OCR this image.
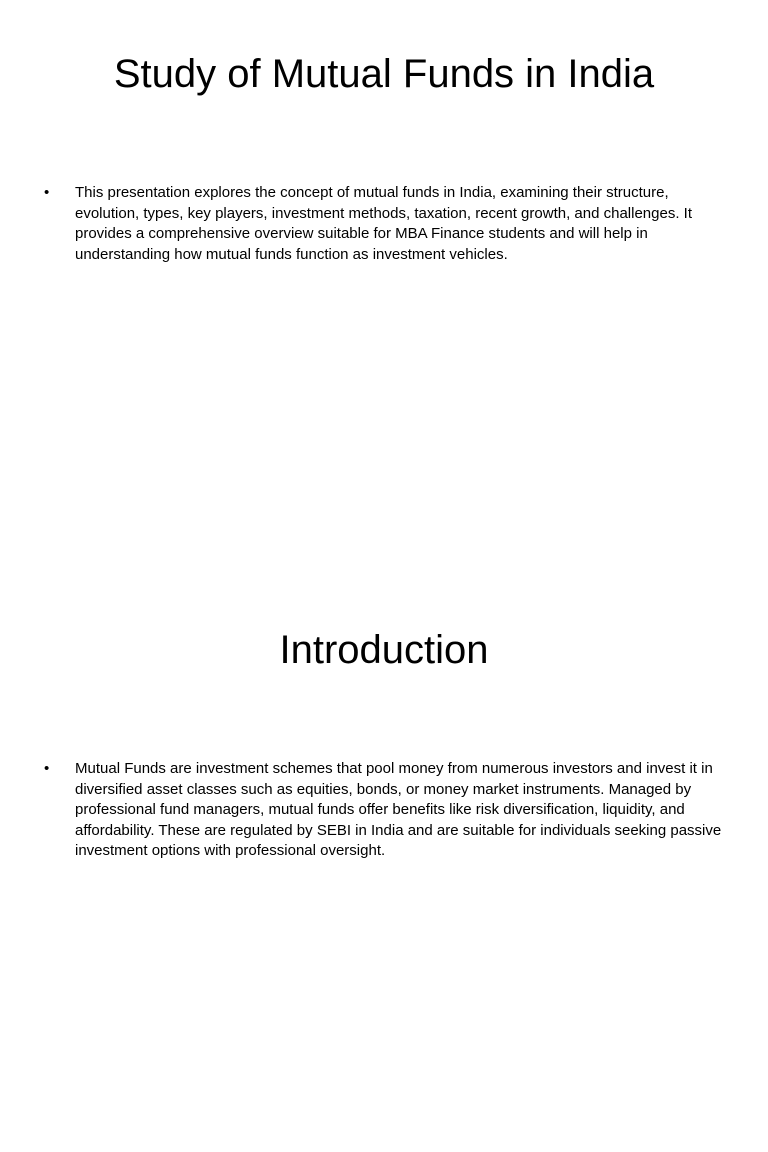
Study of Mutual Funds in India
• This presentation explores the concept of mutual funds in India, examining their structure, evolution, types, key players, investment methods, taxation, recent growth, and challenges. It provides a comprehensive overview suitable for MBA Finance students and will help in understanding how mutual funds function as investment vehicles.
Introduction
• Mutual Funds are investment schemes that pool money from numerous investors and invest it in diversified asset classes such as equities, bonds, or money market instruments. Managed by professional fund managers, mutual funds offer benefits like risk diversification, liquidity, and affordability. These are regulated by SEBI in India and are suitable for individuals seeking passive investment options with professional oversight.
